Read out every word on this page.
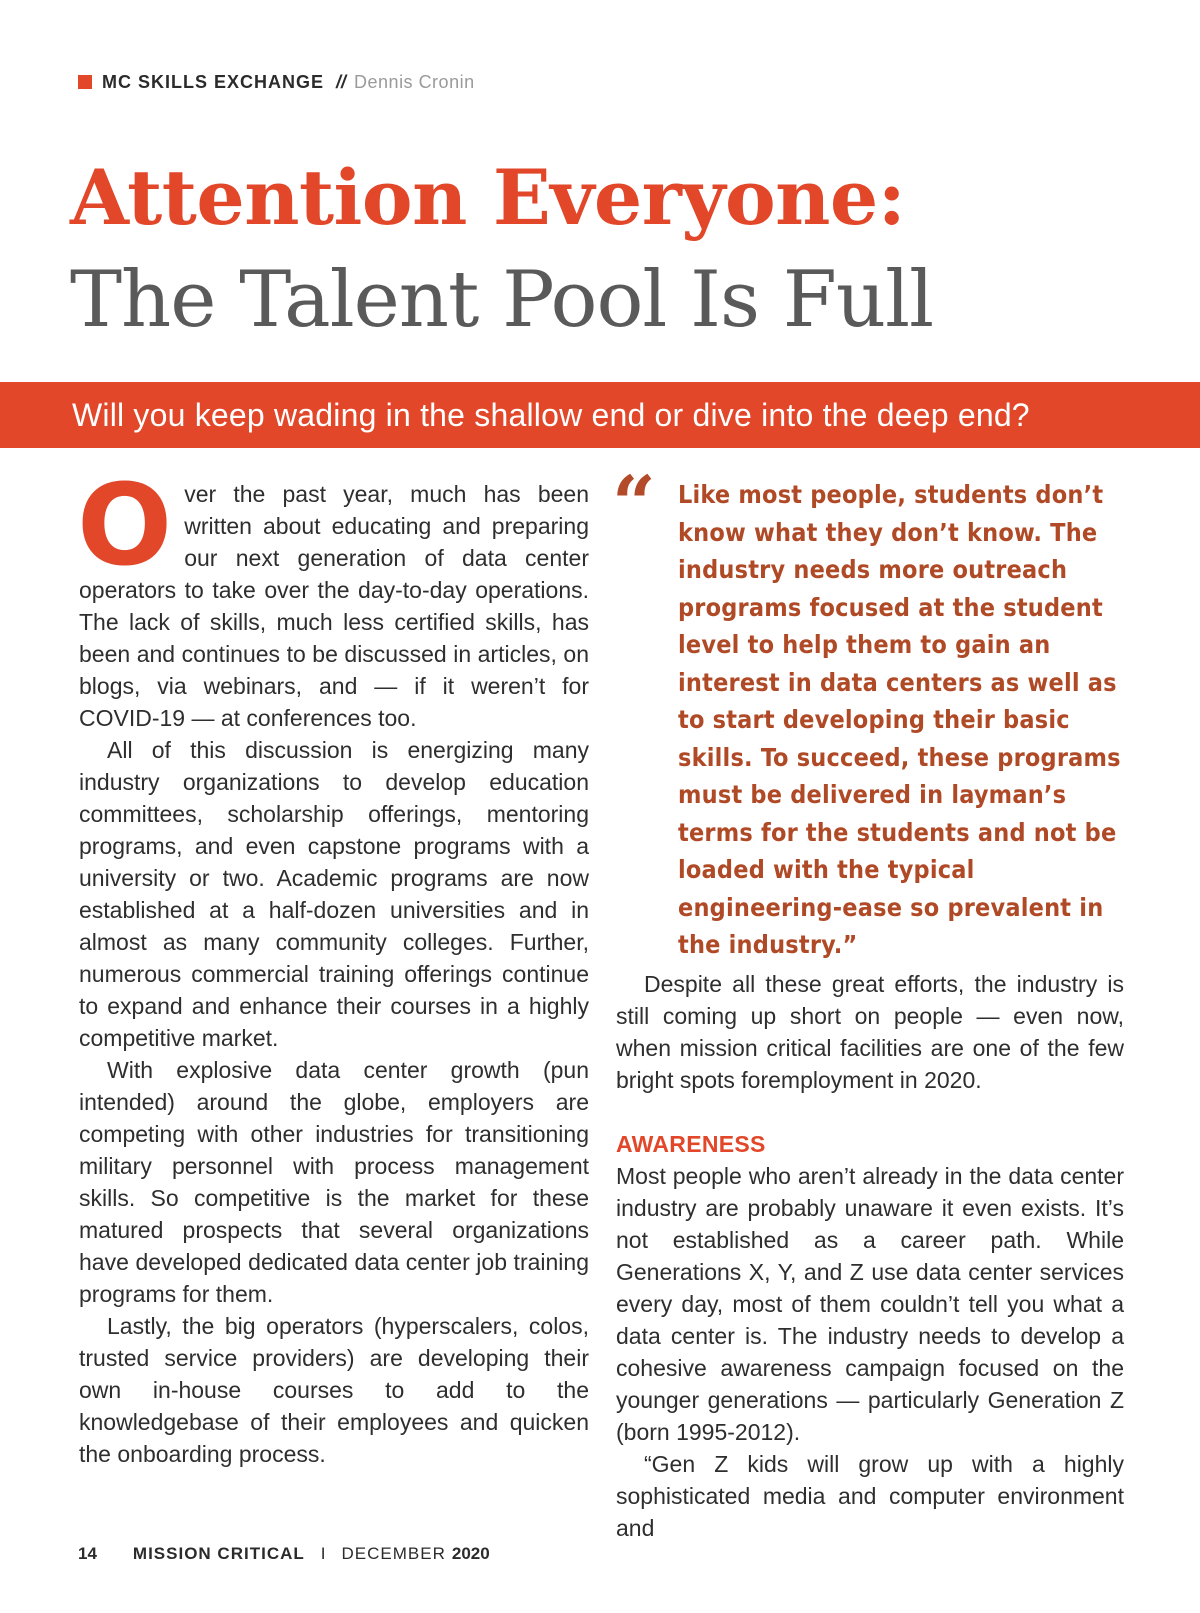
MC SKILLS EXCHANGE // Dennis Cronin
Attention Everyone:
The Talent Pool Is Full
Will you keep wading in the shallow end or dive into the deep end?

Over the past year, much has been written about educating and preparing our next generation of data center operators to take over the day-to-day operations. The lack of skills, much less certified skills, has been and continues to be discussed in articles, on blogs, via webinars, and — if it weren’t for COVID-19 — at conferences too.

All of this discussion is energizing many industry organizations to develop education committees, scholarship offerings, mentoring programs, and even capstone programs with a university or two. Academic programs are now established at a half-dozen universities and in almost as many community colleges. Further, numerous commercial training offerings continue to expand and enhance their courses in a highly competitive market.

With explosive data center growth (pun intended) around the globe, employers are competing with other industries for transitioning military personnel with process management skills. So competitive is the market for these matured prospects that several organizations have developed dedicated data center job training programs for them.

Lastly, the big operators (hyperscalers, colos, trusted service providers) are developing their own in-house courses to add to the knowledgebase of their employees and quicken the onboarding process.

“ Like most people, students don’t know what they don’t know. The industry needs more outreach programs focused at the student level to help them to gain an interest in data centers as well as to start developing their basic skills. To succeed, these programs must be delivered in layman’s terms for the students and not be loaded with the typical engineering-ease so prevalent in the industry.”

Despite all these great efforts, the industry is still coming up short on people — even now, when mission critical facilities are one of the few bright spots foremployment in 2020.

AWARENESS

Most people who aren’t already in the data center industry are probably unaware it even exists. It’s not established as a career path. While Generations X, Y, and Z use data center services every day, most of them couldn’t tell you what a data center is. The industry needs to develop a cohesive awareness campaign focused on the younger generations — particularly Generation Z (born 1995-2012).

“Gen Z kids will grow up with a highly sophisticated media and computer environment and

14 MISSION CRITICAL I DECEMBER 2020
